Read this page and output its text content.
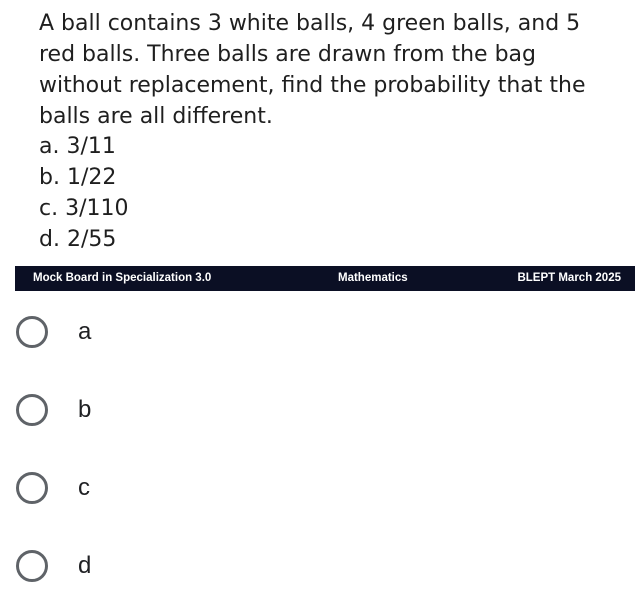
A ball contains 3 white balls, 4 green balls, and 5 red balls. Three balls are drawn from the bag without replacement, find the probability that the balls are all different.

a. 3/11
b. 1/22
c. 3/110
d. 2/55
Mock Board in Specialization 3.0	Mathematics	BLEPT March 2025
a
b
c
d
